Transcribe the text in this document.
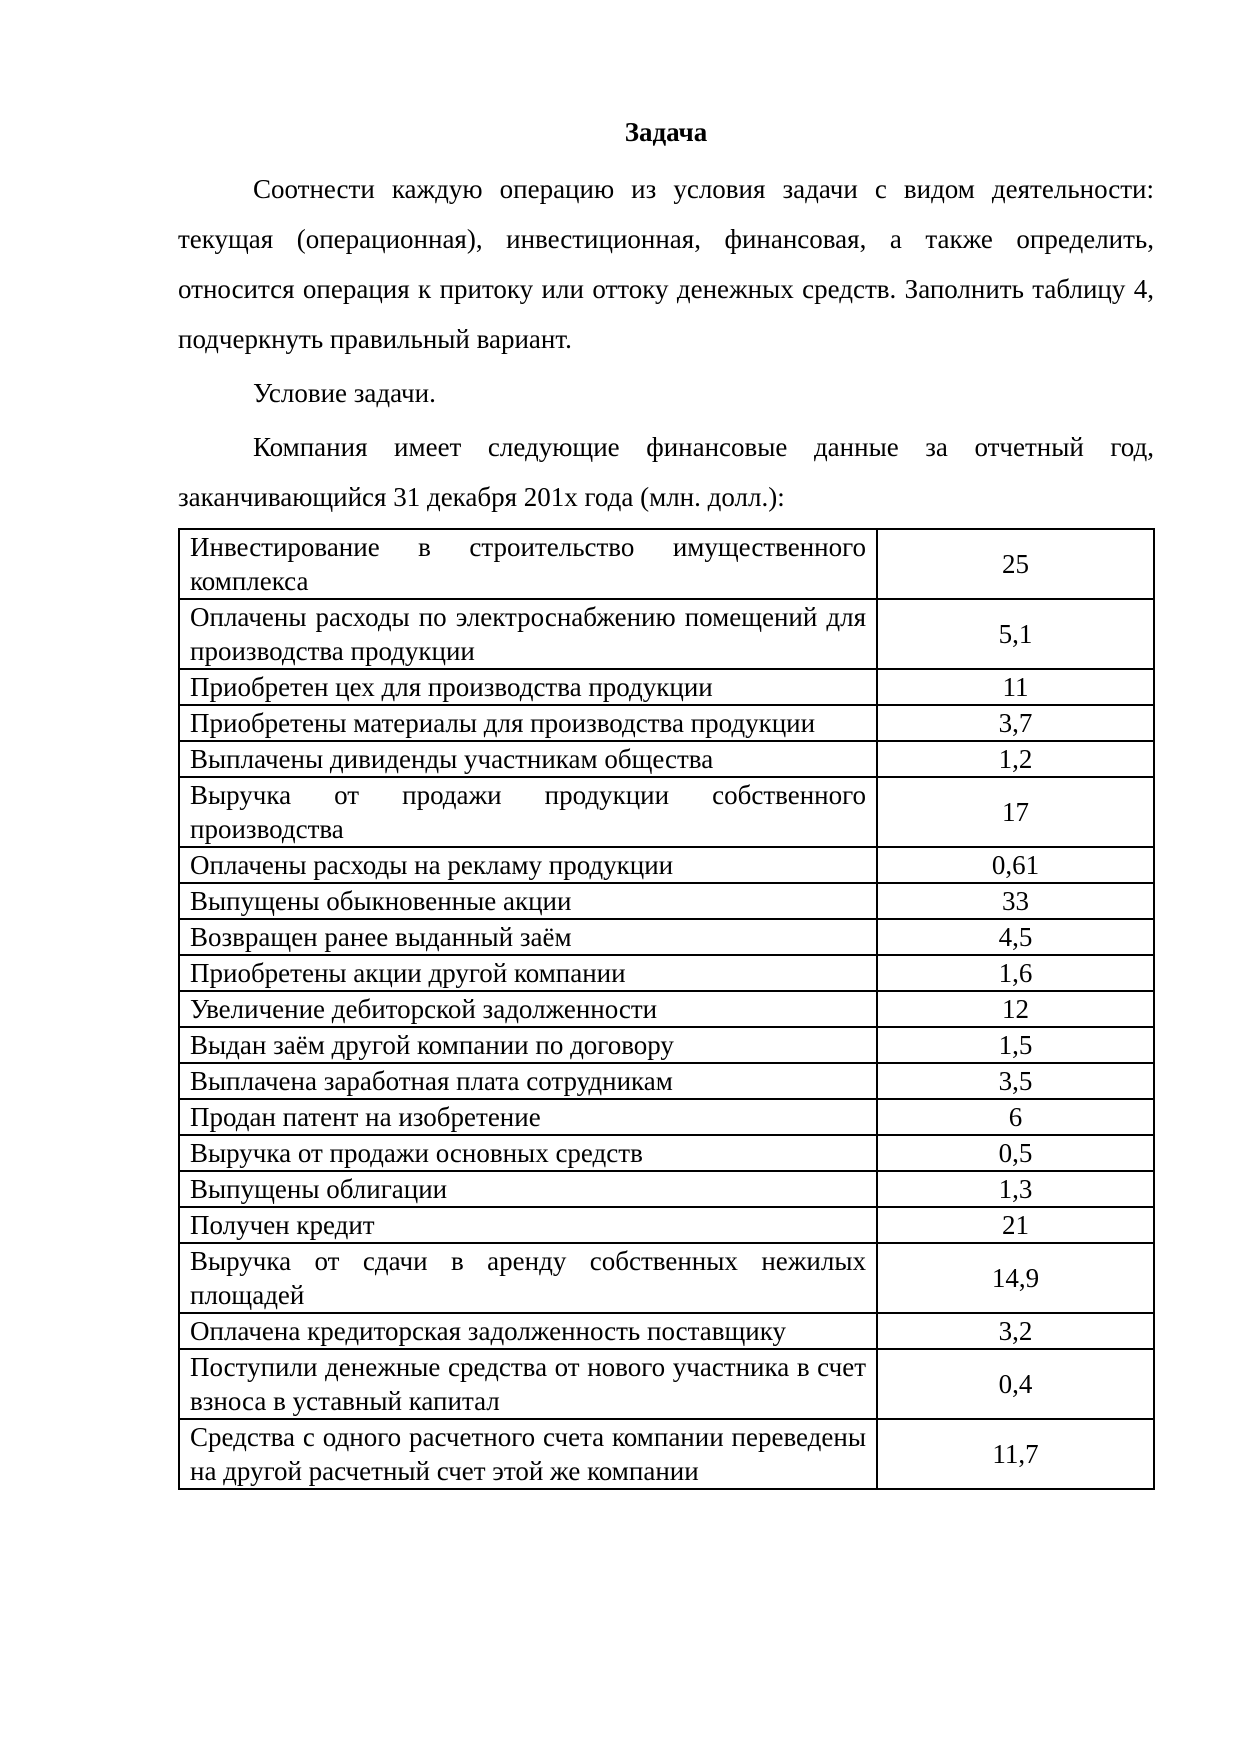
Задача

Соотнести каждую операцию из условия задачи с видом деятельности: текущая (операционная), инвестиционная, финансовая, а также определить, относится операция к притоку или оттоку денежных средств. Заполнить таблицу 4, подчеркнуть правильный вариант.

Условие задачи.

Компания имеет следующие финансовые данные за отчетный год, заканчивающийся 31 декабря 201х года (млн. долл.):

Инвестирование в строительство имущественного комплекса	25
Оплачены расходы по электроснабжению помещений для производства продукции	5,1
Приобретен цех для производства продукции	11
Приобретены материалы для производства продукции	3,7
Выплачены дивиденды участникам общества	1,2
Выручка от продажи продукции собственного производства	17
Оплачены расходы на рекламу продукции	0,61
Выпущены обыкновенные акции	33
Возвращен ранее выданный заём	4,5
Приобретены акции другой компании	1,6
Увеличение дебиторской задолженности	12
Выдан заём другой компании по договору	1,5
Выплачена заработная плата сотрудникам	3,5
Продан патент на изобретение	6
Выручка от продажи основных средств	0,5
Выпущены облигации	1,3
Получен кредит	21
Выручка от сдачи в аренду собственных нежилых площадей	14,9
Оплачена кредиторская задолженность поставщику	3,2
Поступили денежные средства от нового участника в счет взноса в уставный капитал	0,4
Средства с одного расчетного счета компании переведены на другой расчетный счет этой же компании	11,7
